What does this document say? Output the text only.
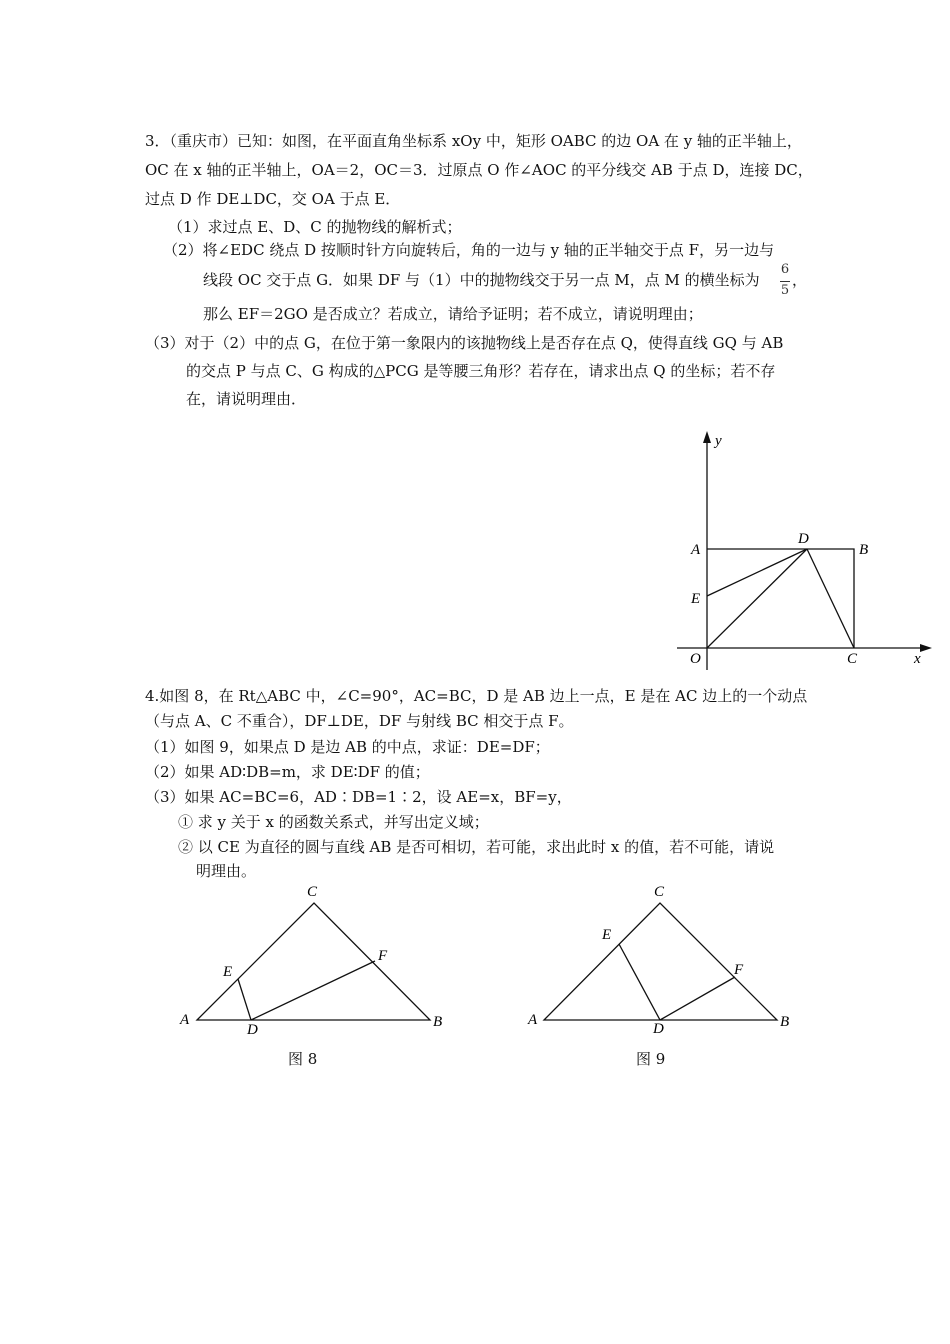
3．（重庆市）已知：如图，在平面直角坐标系 xOy 中，矩形 OABC 的边 OA 在 y 轴的正半轴上，
OC 在 x 轴的正半轴上，OA＝2，OC＝3．过原点 O 作∠AOC 的平分线交 AB 于点 D，连接 DC，
过点 D 作 DE⊥DC，交 OA 于点 E．
（1）求过点 E、D、C 的抛物线的解析式；
（2）将∠EDC 绕点 D 按顺时针方向旋转后，角的一边与 y 轴的正半轴交于点 F，另一边与
线段 OC 交于点 G．如果 DF 与（1）中的抛物线交于另一点 M，点 M 的横坐标为
6
5
，
那么 EF＝2GO 是否成立？若成立，请给予证明；若不成立，请说明理由；
（3）对于（2）中的点 G，在位于第一象限内的该抛物线上是否存在点 Q，使得直线 GQ 与 AB
的交点 P 与点 C、G 构成的△PCG 是等腰三角形？若存在，请求出点 Q 的坐标；若不存
在，请说明理由．
y
x
O
A	B
C
D
E
4.如图 8，在 Rt△ABC 中，∠C=90°，AC=BC，D 是 AB 边上一点，E 是在 AC 边上的一个动点
（与点 A、C 不重合），DF⊥DE，DF 与射线 BC 相交于点 F。
（1）如图 9，如果点 D 是边 AB 的中点，求证：DE=DF；
（2）如果 AD∶DB=m，求 DE∶DF 的值；
（3）如果 AC=BC=6，AD∶DB=1∶2，设 AE=x，BF=y，
① 求 y 关于 x 的函数关系式，并写出定义域；
② 以 CE 为直径的圆与直线 AB 是否可相切，若可能，求出此时 x 的值，若不可能，请说
明理由。
A	B
C
D
E
F
图 8
A	B
C
D
E
F
图 9
